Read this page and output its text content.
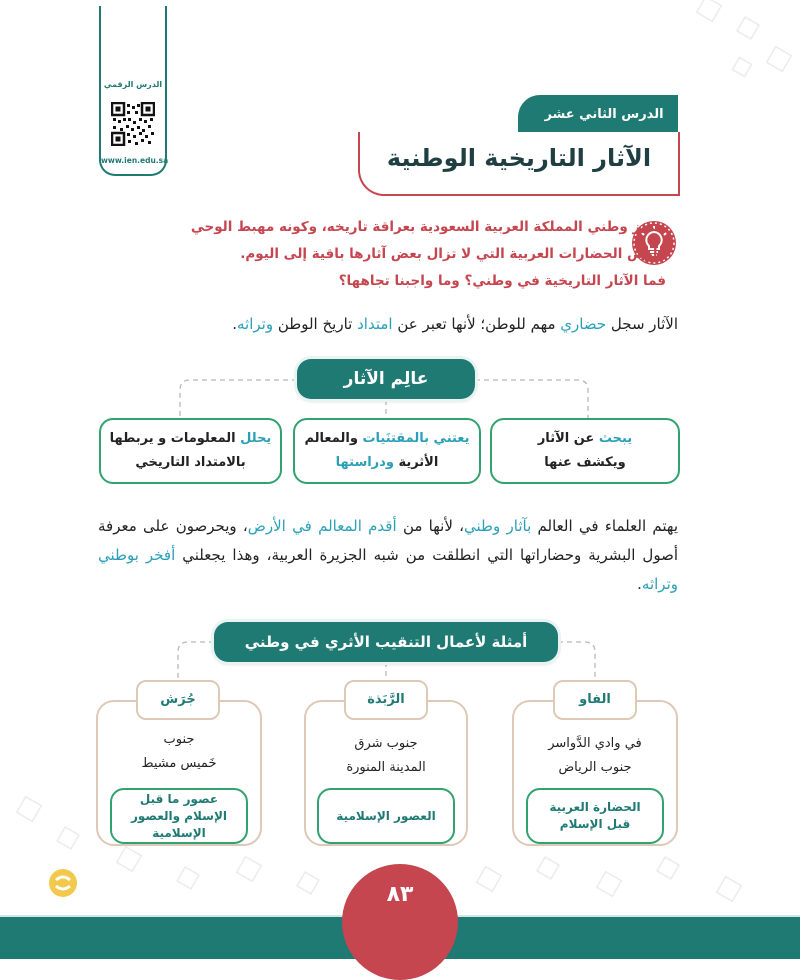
الدرس الرقمي
www.ien.edu.sa
الدرس الثاني عشر
الآثار التاريخية الوطنية
يتميز وطني المملكة العربية السعودية بعراقة تاريخه، وكونه مهبط الوحي
وأرض الحضارات العربية التي لا تزال بعض آثارها باقية إلى اليوم.
فما الآثار التاريخية في وطني؟ وما واجبنا تجاهها؟
الآثار سجل حضاري مهم للوطن؛ لأنها تعبر عن امتداد تاريخ الوطن وتراثه.
عالِم الآثار
يبحث عن الآثار
ويكشف عنها
يعتني بالمقتنَيات والمعالم
الأثرية ودراستها
يحلل المعلومات و يربطها
بالامتداد التاريخي
يهتم العلماء في العالم بآثار وطني، لأنها من أقدم المعالم في الأرض، ويحرصون على معرفة أصول البشرية وحضاراتها التي انطلقت من شبه الجزيرة العربية، وهذا يجعلني أفخر بوطني وتراثه.
أمثلة لأعمال التنقيب الأثري في وطني
الفاو
في وادي الدَّواسر
جنوب الرياض
الحضارة العربية قبل الإسلام
الرَّبَذة
جنوب شرق
المدينة المنورة
العصور الإسلامية
جُرَش
جنوب
خَميس مشيط
عصور ما قبل الإسلام والعصور الإسلامية
٨٣
